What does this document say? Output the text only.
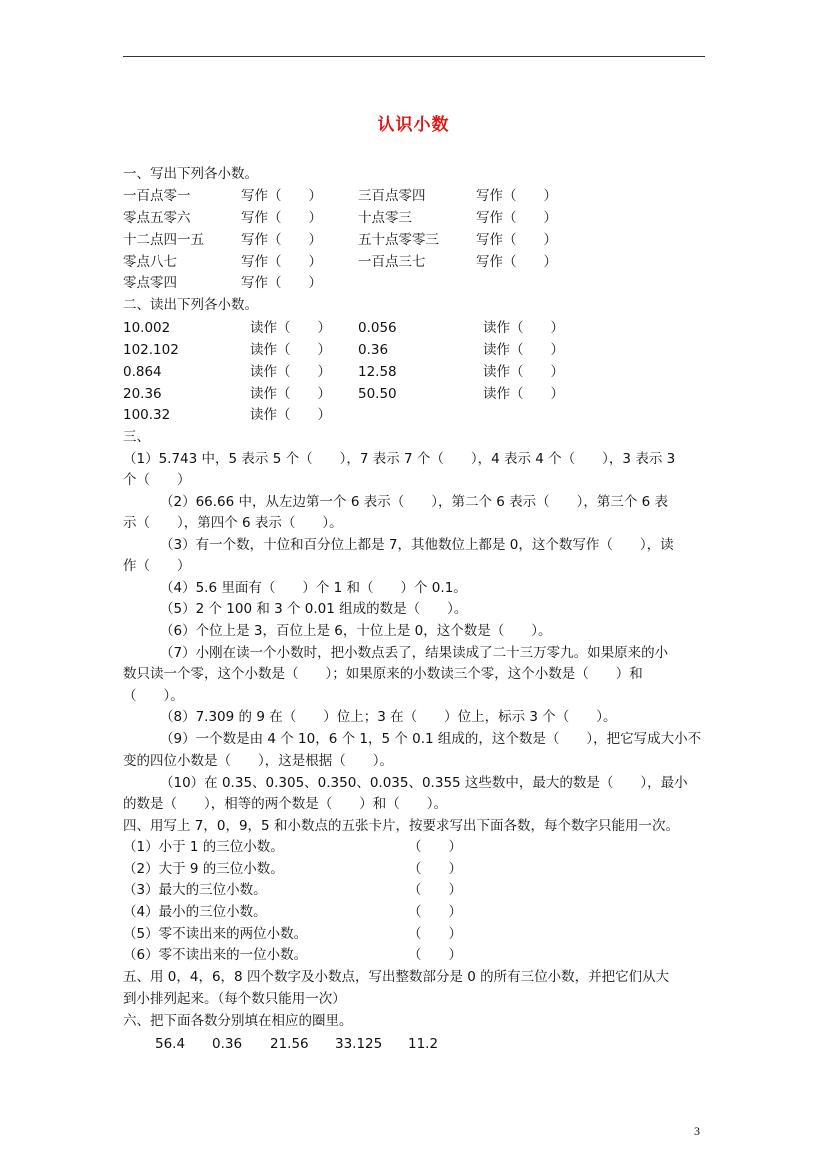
认识小数
一、写出下列各小数。
一百点零一	写作（　　）	三百点零四	写作（　　）
零点五零六	写作（　　）	十点零三	写作（　　）
十二点四一五	写作（　　）	五十点零零三	写作（　　）
零点八七	写作（　　）	一百点三七	写作（　　）
零点零四	写作（　　）
二、读出下列各小数。
10.002	读作（　　） 0.056	读作（　　）
102.102	读作（　　） 0.36	读作（　　）
0.864	读作（　　） 12.58	读作（　　）
20.36	读作（　　） 50.50	读作（　　）
100.32	读作（　　）
三、
（1）5.743 中，5 表示 5 个（　　），7 表示 7 个（　　），4 表示 4 个（　　），3 表示 3
个（　　）
（2）66.66 中，从左边第一个 6 表示（　　），第二个 6 表示（　　），第三个 6 表
示（　　），第四个 6 表示（　　）。
（3）有一个数，十位和百分位上都是 7，其他数位上都是 0，这个数写作（　　），读
作（　　）
（4）5.6 里面有（　　）个 1 和（　　）个 0.1。
（5）2 个 100 和 3 个 0.01 组成的数是（　　）。
（6）个位上是 3，百位上是 6，十位上是 0，这个数是（　　）。
（7）小刚在读一个小数时，把小数点丢了，结果读成了二十三万零九。如果原来的小
数只读一个零，这个小数是（　　）；如果原来的小数读三个零，这个小数是（　　）和
（　　）。
（8）7.309 的 9 在（　　）位上；3 在（　　）位上，标示 3 个（　　）。
（9）一个数是由 4 个 10，6 个 1，5 个 0.1 组成的，这个数是（　　），把它写成大小不
变的四位小数是（　　），这是根据（　　）。
（10）在 0.35、0.305、0.350、0.035、0.355 这些数中，最大的数是（　　），最小
的数是（　　），相等的两个数是（　　）和（　　）。
四、用写上 7，0，9，5 和小数点的五张卡片，按要求写出下面各数，每个数字只能用一次。
（1）小于 1 的三位小数。	（　　）
（2）大于 9 的三位小数。	（　　）
（3）最大的三位小数。	（　　）
（4）最小的三位小数。	（　　）
（5）零不读出来的两位小数。	（　　）
（6）零不读出来的一位小数。	（　　）
五、用 0，4，6，8 四个数字及小数点，写出整数部分是 0 的所有三位小数，并把它们从大
到小排列起来。（每个数只能用一次）
六、把下面各数分别填在相应的圈里。
56.4 0.36 21.56 33.125 11.2
3
